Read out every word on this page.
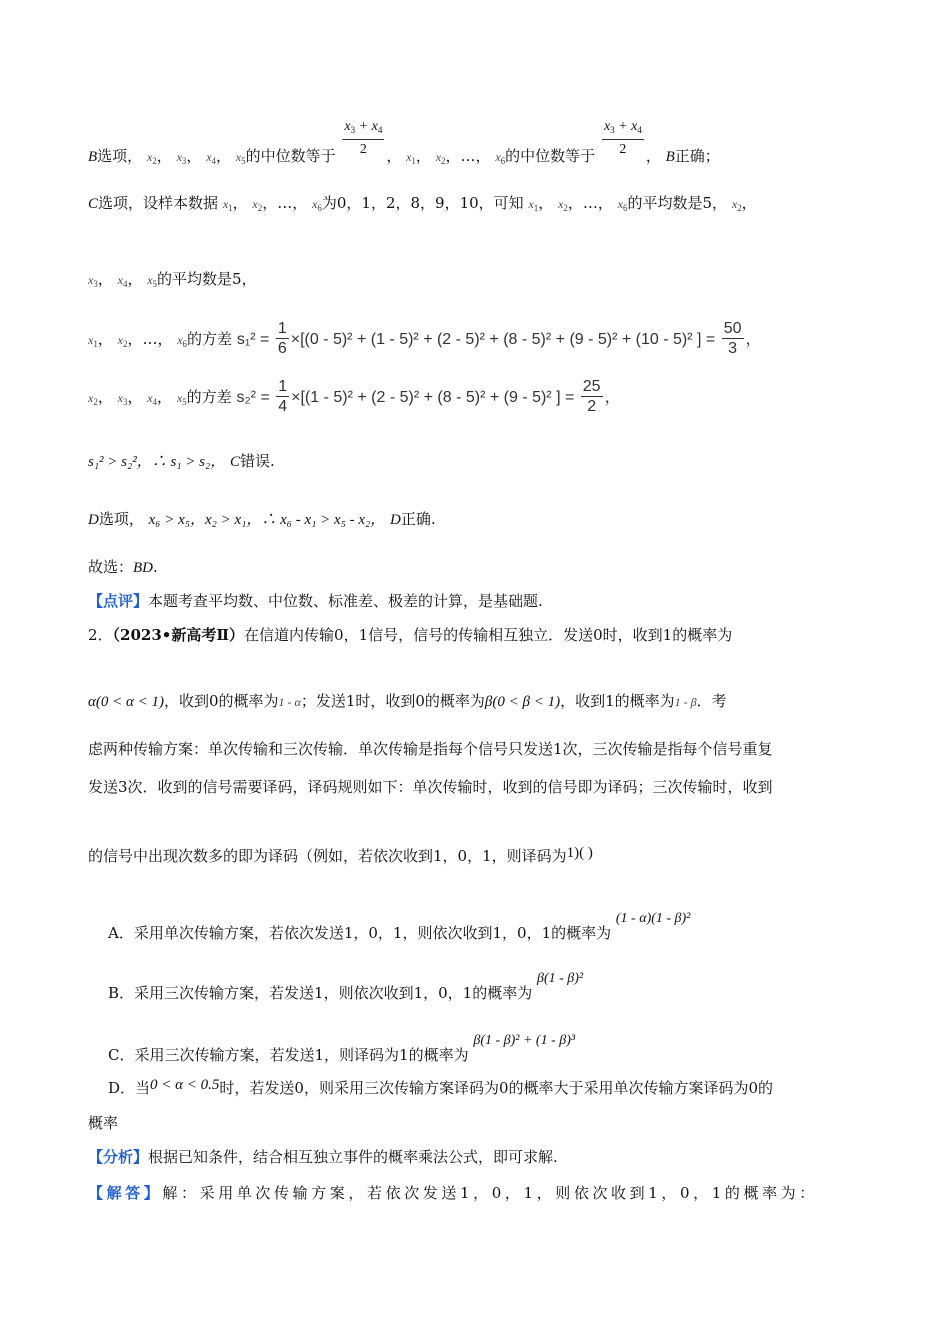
B选项， $x_2$， $x_3$， $x_4$， $x_5$的中位数等于 $\frac{x_3 + x_4}{2}$ ， $x_1$， $x_2$，…， $x_6$的中位数等于 $\frac{x_3 + x_4}{2}$ ， B正确；
C选项，设样本数据 $x_1$， $x_2$，…， $x_6$为0，1，2，8，9，10，可知 $x_1$， $x_2$，…， $x_6$的平均数是5， $x_2$，
$x_3$， $x_4$， $x_5$的平均数是5，
$x_1$， $x_2$，…， $x_6$的方差 $s_1^2 = \frac{1}{6} \times[(0 - 5)^2 + (1 - 5)^2 + (2 - 5)^2 + (8 - 5)^2 + (9 - 5)^2 + (10 - 5)^2$ ] = $\frac{50}{3}$ ，
$x_2$， $x_3$， $x_4$， $x_5$的方差 $s_2^2 = \frac{1}{4} \times[(1 - 5)^2 + (2 - 5)^2 + (8 - 5)^2 + (9 - 5)^2$ ] = $\frac{25}{2}$ ，
s₁² > s₂²，∴ s₁ > s₂， C错误.
D选项， x₆ > x₅，x₂ > x₁，∴ x₆ - x₁ > x₅ - x₂， D正确.
故选：BD.
【点评】本题考查平均数、中位数、标准差、极差的计算，是基础题.
2．（2023•新高考Ⅱ）在信道内传输0，1信号，信号的传输相互独立．发送0时，收到1的概率为
α(0 < α < 1)，收到0的概率为1 - α；发送1时，收到0的概率为β(0 < β < 1)，收到1的概率为1 - β．考
虑两种传输方案：单次传输和三次传输．单次传输是指每个信号只发送1次，三次传输是指每个信号重复
发送3次．收到的信号需要译码，译码规则如下：单次传输时，收到的信号即为译码；三次传输时，收到
的信号中出现次数多的即为译码（例如，若依次收到1，0，1，则译码为1)( )
A．采用单次传输方案，若依次发送1，0，1，则依次收到1，0，1的概率为 (1 - α)(1 - β)²
B．采用三次传输方案，若发送1，则依次收到1，0，1的概率为 β(1 - β)²
C．采用三次传输方案，若发送1，则译码为1的概率为 β(1 - β)² + (1 - β)³
D．当0 < α < 0.5时，若发送0，则采用三次传输方案译码为0的概率大于采用单次传输方案译码为0的
概率
【分析】根据已知条件，结合相互独立事件的概率乘法公式，即可求解.
【解答】解：采用单次传输方案，若依次发送1，0，1，则依次收到1，0，1的概率为：
